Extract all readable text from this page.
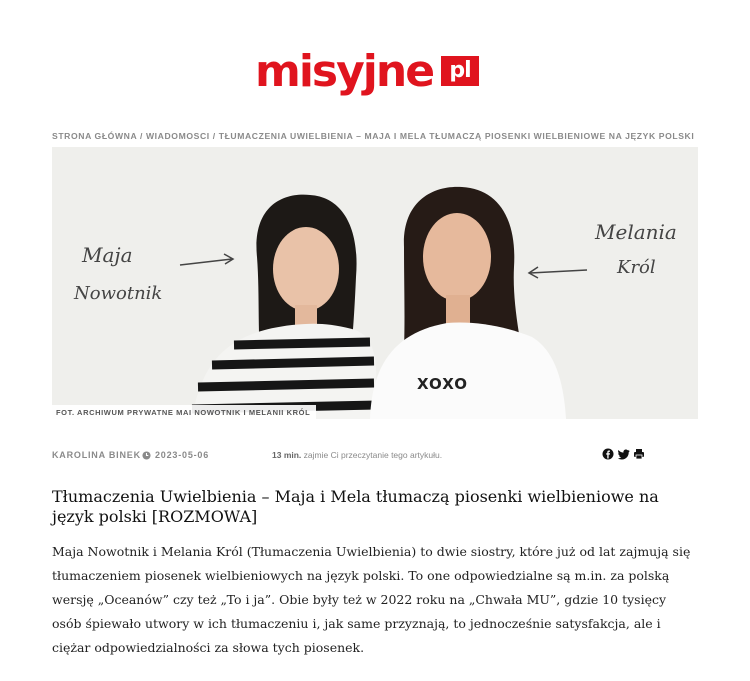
misyjne pl
STRONA GŁÓWNA / WIADOMOSCI / TŁUMACZENIA UWIELBIENIA – MAJA I MELA TŁUMACZĄ PIOSENKI WIELBIENIOWE NA JĘZYK POLSKI
Maja
Nowotnik
Melania
Król
XOXO
FOT. ARCHIWUM PRYWATNE MAI NOWOTNIK I MELANII KRÓL
KAROLINA BINEK 2023-05-06	13 min. zajmie Ci przeczytanie tego artykułu.

Tłumaczenia Uwielbienia – Maja i Mela tłumaczą piosenki wielbieniowe na język polski [ROZMOWA]

Maja Nowotnik i Melania Król (Tłumaczenia Uwielbienia) to dwie siostry, które już od lat zajmują się tłumaczeniem piosenek wielbieniowych na język polski. To one odpowiedzialne są m.in. za polską wersję „Oceanów” czy też „To i ja”. Obie były też w 2022 roku na „Chwała MU”, gdzie 10 tysięcy osób śpiewało utwory w ich tłumaczeniu i, jak same przyznają, to jednocześnie satysfakcja, ale i ciężar odpowiedzialności za słowa tych piosenek.
